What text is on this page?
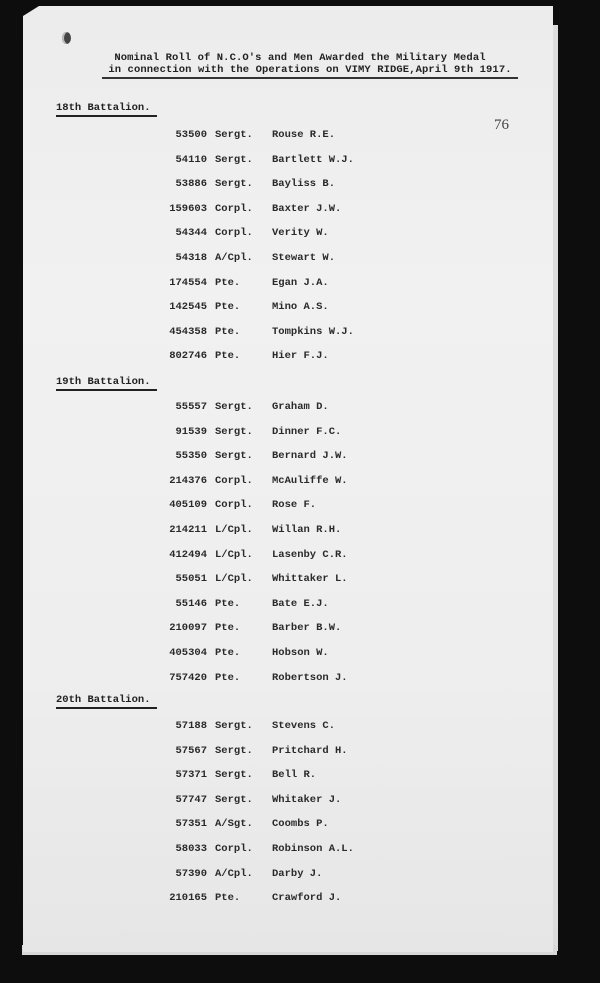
Nominal Roll of N.C.O's and Men Awarded the Military Medal
in connection with the Operations on VIMY RIDGE,April 9th 1917.
76
18th Battalion.
53500 Sergt.	Rouse R.E.
54110 Sergt.	Bartlett W.J.
53886 Sergt.	Bayliss B.
159603 Corpl.	Baxter J.W.
54344 Corpl.	Verity W.
54318 A/Cpl.	Stewart W.
174554 Pte.	Egan J.A.
142545 Pte.	Mino A.S.
454358 Pte.	Tompkins W.J.
802746 Pte.	Hier F.J.
19th Battalion.
55557 Sergt.	Graham D.
91539 Sergt.	Dinner F.C.
55350 Sergt.	Bernard J.W.
214376 Corpl.	McAuliffe W.
405109 Corpl.	Rose F.
214211 L/Cpl.	Willan R.H.
412494 L/Cpl.	Lasenby C.R.
55051 L/Cpl.	Whittaker L.
55146 Pte.	Bate E.J.
210097 Pte.	Barber B.W.
405304 Pte.	Hobson W.
757420 Pte.	Robertson J.
20th Battalion.
57188 Sergt.	Stevens C.
57567 Sergt.	Pritchard H.
57371 Sergt.	Bell R.
57747 Sergt.	Whitaker J.
57351 A/Sgt.	Coombs P.
58033 Corpl.	Robinson A.L.
57390 A/Cpl.	Darby J.
210165 Pte.	Crawford J.
